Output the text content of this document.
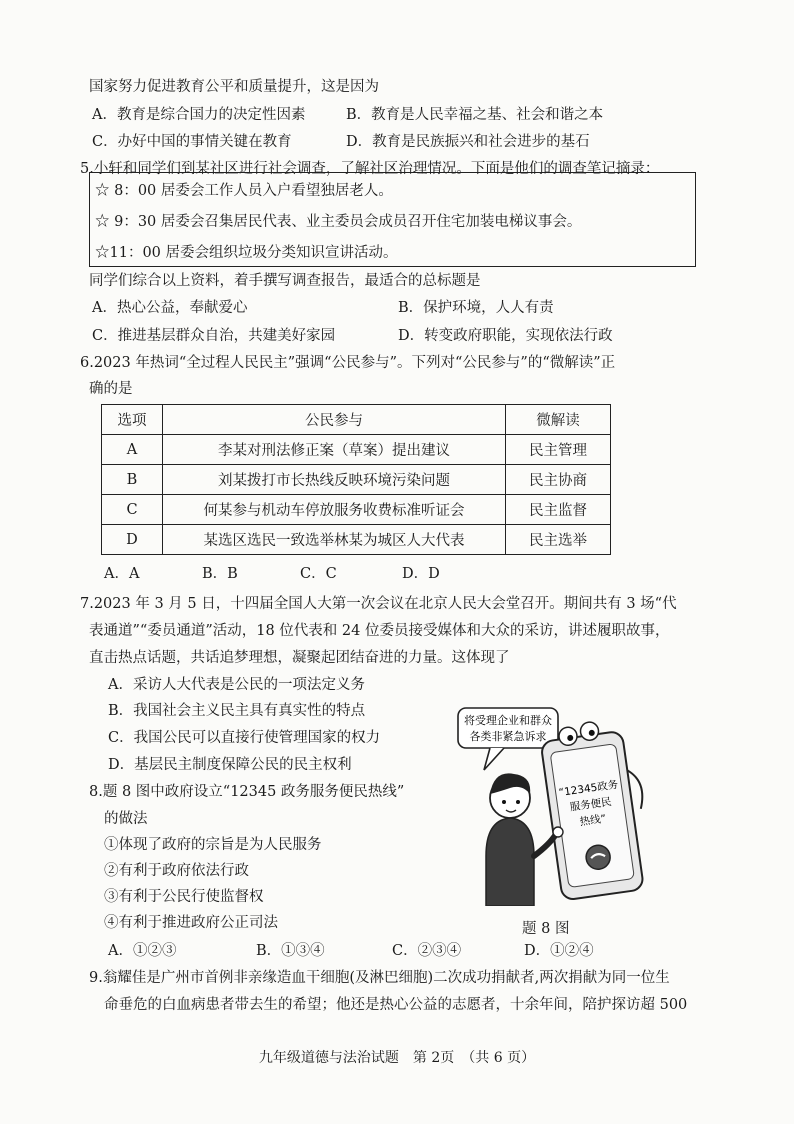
国家努力促进教育公平和质量提升，这是因为
A．教育是综合国力的决定性因素	B．教育是人民幸福之基、社会和谐之本
C．办好中国的事情关键在教育	D．教育是民族振兴和社会进步的基石
5.小轩和同学们到某社区进行社会调查，了解社区治理情况。下面是他们的调查笔记摘录：
☆ 8：00 居委会工作人员入户看望独居老人。
☆ 9：30 居委会召集居民代表、业主委员会成员召开住宅加装电梯议事会。
☆11：00 居委会组织垃圾分类知识宣讲活动。
同学们综合以上资料，着手撰写调查报告，最适合的总标题是
A．热心公益，奉献爱心	B．保护环境，人人有责
C．推进基层群众自治，共建美好家园	D．转变政府职能，实现依法行政
6.2023 年热词“全过程人民民主”强调“公民参与”。下列对“公民参与”的“微解读”正
确的是
选项	公民参与	微解读
A	李某对刑法修正案（草案）提出建议	民主管理
B	刘某拨打市长热线反映环境污染问题	民主协商
C	何某参与机动车停放服务收费标准听证会	民主监督
D	某选区选民一致选举林某为城区人大代表	民主选举
A．A	B．B	C．C	D．D
7.2023 年 3 月 5 日，十四届全国人大第一次会议在北京人民大会堂召开。期间共有 3 场“代
表通道”“委员通道”活动，18 位代表和 24 位委员接受媒体和大众的采访，讲述履职故事，
直击热点话题，共话追梦理想，凝聚起团结奋进的力量。这体现了
A．采访人大代表是公民的一项法定义务
B．我国社会主义民主具有真实性的特点
C．我国公民可以直接行使管理国家的权力
D．基层民主制度保障公民的民主权利
8.题 8 图中政府设立“12345 政务服务便民热线”
的做法
①体现了政府的宗旨是为人民服务
②有利于政府依法行政
③有利于公民行使监督权
④有利于推进政府公正司法
A．①②③	B．①③④	C．②③④	D．①②④
将受理企业和群众
各类非紧急诉求
“12345政务
服务便民
热线”
题 8 图
9.翁耀佳是广州市首例非亲缘造血干细胞(及淋巴细胞)二次成功捐献者,两次捐献为同一位生
命垂危的白血病患者带去生的希望；他还是热心公益的志愿者，十余年间，陪护探访超 500
九年级道德与法治试题　第 2页　（共 6 页）
